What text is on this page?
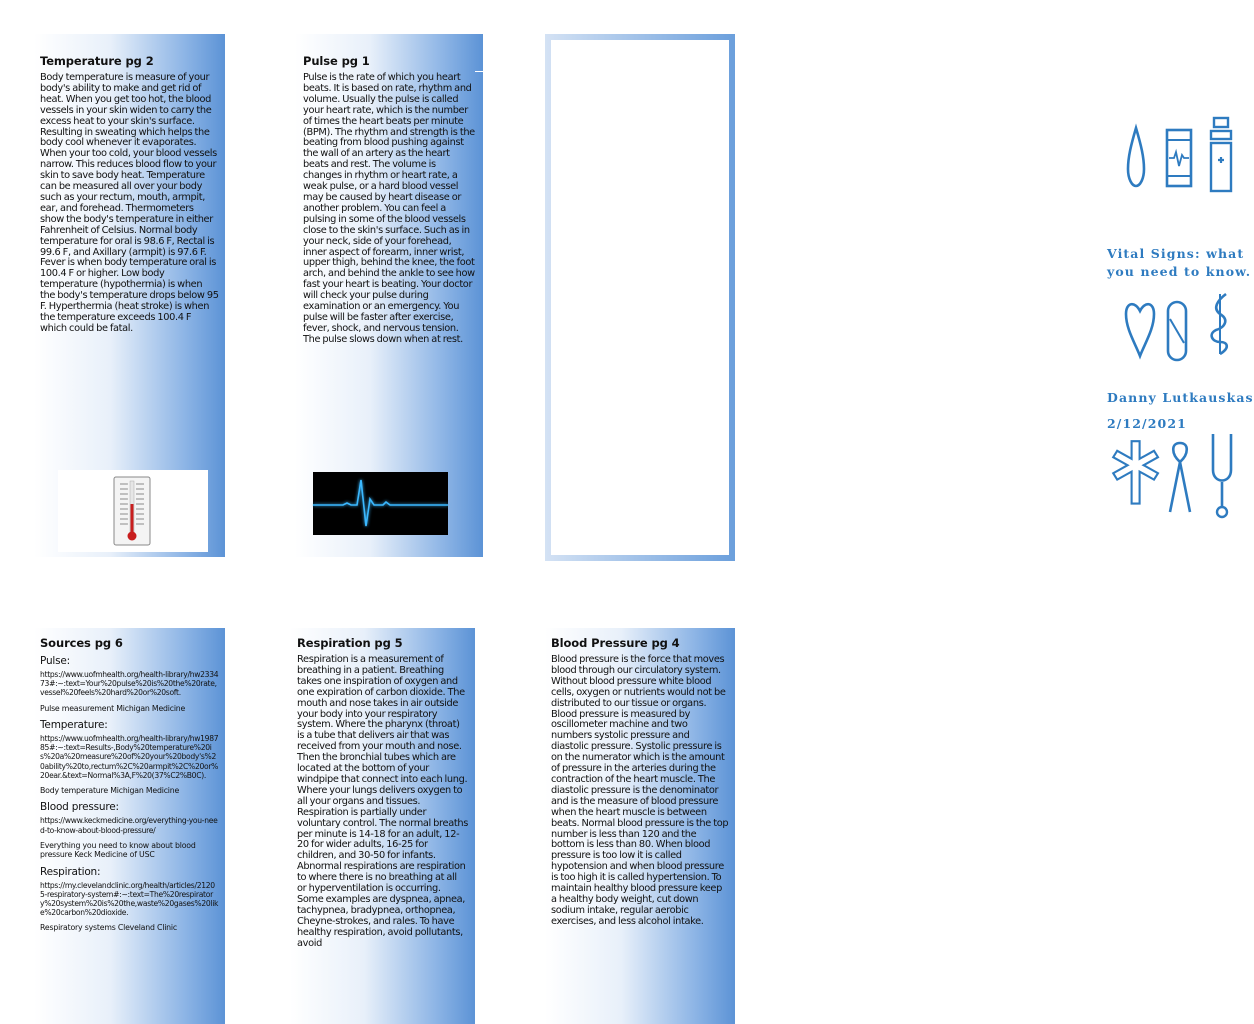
Temperature pg 2

Body temperature is measure of your body's ability to make and get rid of heat. When you get too hot, the blood vessels in your skin widen to carry the excess heat to your skin's surface. Resulting in sweating which helps the body cool whenever it evaporates. When your too cold, your blood vessels narrow. This reduces blood flow to your skin to save body heat. Temperature can be measured all over your body such as your rectum, mouth, armpit, ear, and forehead. Thermometers show the body's temperature in either Fahrenheit of Celsius. Normal body temperature for oral is 98.6 F, Rectal is 99.6 F, and Axillary (armpit) is 97.6 F. Fever is when body temperature oral is 100.4 F or higher. Low body temperature (hypothermia) is when the body's temperature drops below 95 F. Hyperthermia (heat stroke) is when the temperature exceeds 100.4 F which could be fatal.

Pulse pg 1

Pulse is the rate of which you heart beats. It is based on rate, rhythm and volume. Usually the pulse is called your heart rate, which is the number of times the heart beats per minute (BPM). The rhythm and strength is the beating from blood pushing against the wall of an artery as the heart beats and rest. The volume is changes in rhythm or heart rate, a weak pulse, or a hard blood vessel may be caused by heart disease or another problem. You can feel a pulsing in some of the blood vessels close to the skin's surface. Such as in your neck, side of your forehead, inner aspect of forearm, inner wrist, upper thigh, behind the knee, the foot arch, and behind the ankle to see how fast your heart is beating. Your doctor will check your pulse during examination or an emergency. You pulse will be faster after exercise, fever, shock, and nervous tension. The pulse slows down when at rest.

Vital Signs: what
you need to know.
Danny Lutkauskas
2/12/2021

Sources pg 6

Pulse:

https://www.uofmhealth.org/health-library/hw233473#:~:text=Your%20pulse%20is%20the%20rate,vessel%20feels%20hard%20or%20soft.

Pulse measurement Michigan Medicine

Temperature:

https://www.uofmhealth.org/health-library/hw198785#:~:text=Results-,Body%20temperature%20is%20a%20measure%20of%20your%20body's%20ability%20to,rectum%2C%20armpit%2C%20or%20ear.&text=Normal%3A,F%20(37%C2%B0C).

Body temperature Michigan Medicine

Blood pressure:

https://www.keckmedicine.org/everything-you-need-to-know-about-blood-pressure/

Everything you need to know about blood pressure Keck Medicine of USC

Respiration:

https://my.clevelandclinic.org/health/articles/21205-respiratory-system#:~:text=The%20respiratory%20system%20is%20the,waste%20gases%20like%20carbon%20dioxide.

Respiratory systems Cleveland Clinic

Respiration pg 5

Respiration is a measurement of breathing in a patient. Breathing takes one inspiration of oxygen and one expiration of carbon dioxide. The mouth and nose takes in air outside your body into your respiratory system. Where the pharynx (throat) is a tube that delivers air that was received from your mouth and nose. Then the bronchial tubes which are located at the bottom of your windpipe that connect into each lung. Where your lungs delivers oxygen to all your organs and tissues. Respiration is partially under voluntary control. The normal breaths per minute is 14-18 for an adult, 12-20 for wider adults, 16-25 for children, and 30-50 for infants. Abnormal respirations are respiration to where there is no breathing at all or hyperventilation is occurring. Some examples are dyspnea, apnea, tachypnea, bradypnea, orthopnea, Cheyne-strokes, and rales. To have healthy respiration, avoid pollutants, avoid

Blood Pressure pg 4

Blood pressure is the force that moves blood through our circulatory system. Without blood pressure white blood cells, oxygen or nutrients would not be distributed to our tissue or organs. Blood pressure is measured by oscillometer machine and two numbers systolic pressure and diastolic pressure. Systolic pressure is on the numerator which is the amount of pressure in the arteries during the contraction of the heart muscle. The diastolic pressure is the denominator and is the measure of blood pressure when the heart muscle is between beats. Normal blood pressure is the top number is less than 120 and the bottom is less than 80. When blood pressure is too low it is called hypotension and when blood pressure is too high it is called hypertension. To maintain healthy blood pressure keep a healthy body weight, cut down sodium intake, regular aerobic exercises, and less alcohol intake.
